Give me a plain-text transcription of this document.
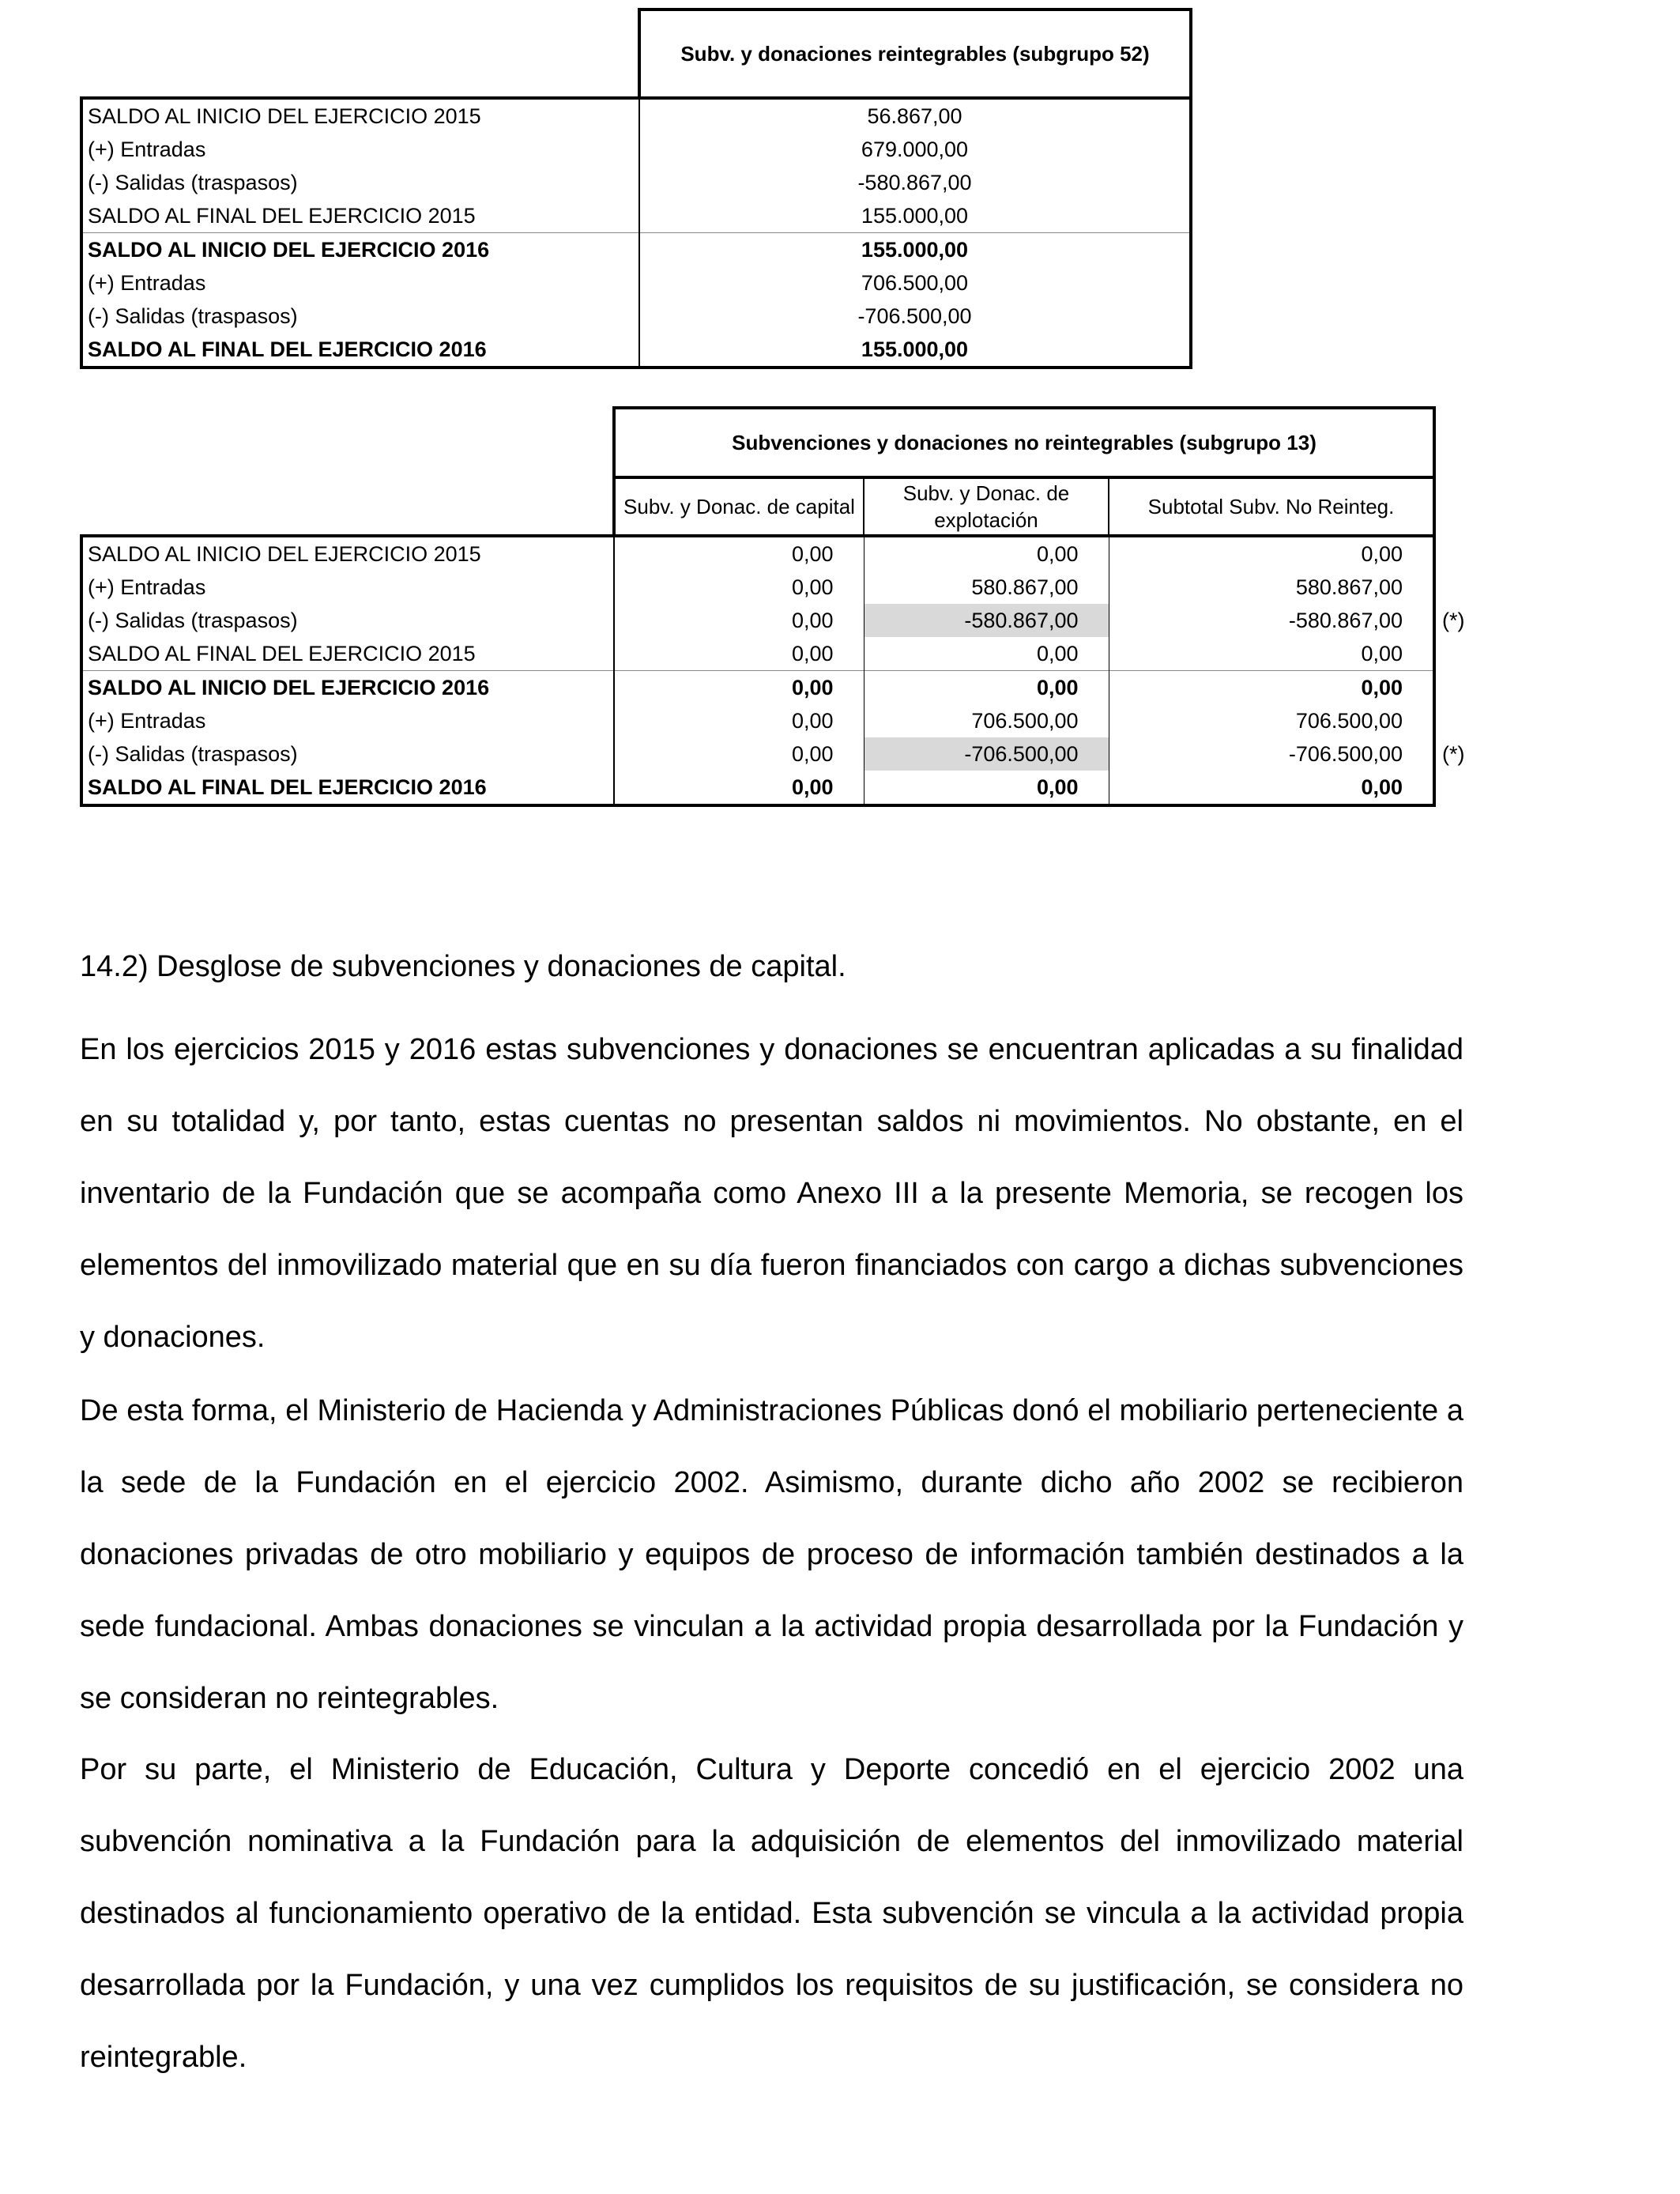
	Subv. y donaciones reintegrables (subgrupo 52)
SALDO AL INICIO DEL EJERCICIO 2015	56.867,00
(+) Entradas	679.000,00
(-) Salidas (traspasos)	-580.867,00
SALDO AL FINAL DEL EJERCICIO 2015	155.000,00
SALDO AL INICIO DEL EJERCICIO 2016	155.000,00
(+) Entradas	706.500,00
(-) Salidas (traspasos)	-706.500,00
SALDO AL FINAL DEL EJERCICIO 2016	155.000,00
	Subvenciones y donaciones no reintegrables (subgrupo 13)			
	Subv. y Donac. de capital	Subv. y Donac. de explotación	Subtotal Subv. No Reinteg.	
SALDO AL INICIO DEL EJERCICIO 2015	0,00	0,00	0,00	
(+) Entradas	0,00	580.867,00	580.867,00	
(-) Salidas (traspasos)	0,00	-580.867,00	-580.867,00	(*)
SALDO AL FINAL DEL EJERCICIO 2015	0,00	0,00	0,00	
SALDO AL INICIO DEL EJERCICIO 2016	0,00	0,00	0,00	
(+) Entradas	0,00	706.500,00	706.500,00	
(-) Salidas (traspasos)	0,00	-706.500,00	-706.500,00	(*)
SALDO AL FINAL DEL EJERCICIO 2016	0,00	0,00	0,00	
14.2) Desglose de subvenciones y donaciones de capital.
En los ejercicios 2015 y 2016 estas subvenciones y donaciones se encuentran aplicadas a su finalidad en su totalidad y, por tanto, estas cuentas no presentan saldos ni movimientos. No obstante, en el inventario de la Fundación que se acompaña como Anexo III a la presente Memoria, se recogen los elementos del inmovilizado material que en su día fueron financiados con cargo a dichas subvenciones y donaciones.
De esta forma, el Ministerio de Hacienda y Administraciones Públicas donó el mobiliario perteneciente a la sede de la Fundación en el ejercicio 2002. Asimismo, durante dicho año 2002 se recibieron donaciones privadas de otro mobiliario y equipos de proceso de información también destinados a la sede fundacional. Ambas donaciones se vinculan a la actividad propia desarrollada por la Fundación y se consideran no reintegrables.
Por su parte, el Ministerio de Educación, Cultura y Deporte concedió en el ejercicio 2002 una subvención nominativa a la Fundación para la adquisición de elementos del inmovilizado material destinados al funcionamiento operativo de la entidad. Esta subvención se vincula a la actividad propia desarrollada por la Fundación, y una vez cumplidos los requisitos de su justificación, se considera no reintegrable.
